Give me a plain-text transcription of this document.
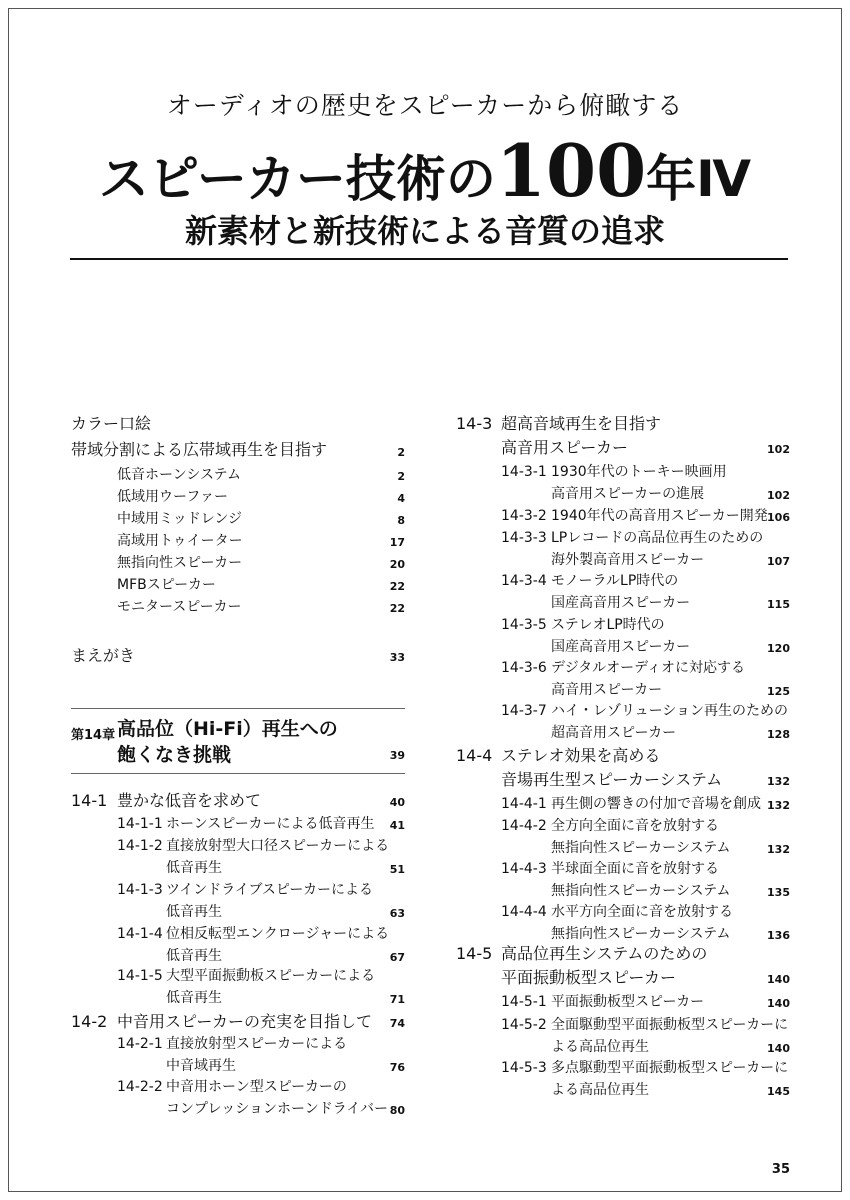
オーディオの歴史をスピーカーから俯瞰する
スピーカー技術の100年Ⅳ
新素材と新技術による音質の追求
カラー口絵
帯域分割による広帯域再生を目指す	2
低音ホーンシステム	2
低域用ウーファー	4
中域用ミッドレンジ	8
高域用トゥイーター	17
無指向性スピーカー	20
MFBスピーカー	22
モニタースピーカー	22
まえがき	33
第14章 高品位（Hi-Fi）再生への
飽くなき挑戦	39
14-1 豊かな低音を求めて	40
14-1-1 ホーンスピーカーによる低音再生	41
14-1-2 直接放射型大口径スピーカーによる
低音再生	51
14-1-3 ツインドライブスピーカーによる
低音再生	63
14-1-4 位相反転型エンクロージャーによる
低音再生	67
14-1-5 大型平面振動板スピーカーによる
低音再生	71
14-2 中音用スピーカーの充実を目指して	74
14-2-1 直接放射型スピーカーによる
中音域再生	76
14-2-2 中音用ホーン型スピーカーの
コンプレッションホーンドライバー 80
14-3 超高音域再生を目指す
高音用スピーカー	102
14-3-1 1930年代のトーキー映画用
高音用スピーカーの進展	102
14-3-2 1940年代の高音用スピーカー開発 106
14-3-3 LPレコードの高品位再生のための
海外製高音用スピーカー	107
14-3-4 モノーラルLP時代の
国産高音用スピーカー	115
14-3-5 ステレオLP時代の
国産高音用スピーカー	120
14-3-6 デジタルオーディオに対応する
高音用スピーカー	125
14-3-7 ハイ・レゾリューション再生のための
超高音用スピーカー	128
14-4 ステレオ効果を高める
音場再生型スピーカーシステム	132
14-4-1 再生側の響きの付加で音場を創成 132
14-4-2 全方向全面に音を放射する
無指向性スピーカーシステム	132
14-4-3 半球面全面に音を放射する
無指向性スピーカーシステム	135
14-4-4 水平方向全面に音を放射する
無指向性スピーカーシステム	136
14-5 高品位再生システムのための
平面振動板型スピーカー	140
14-5-1 平面振動板型スピーカー	140
14-5-2 全面駆動型平面振動板型スピーカーに
よる高品位再生	140
14-5-3 多点駆動型平面振動板型スピーカーに
よる高品位再生	145
35
